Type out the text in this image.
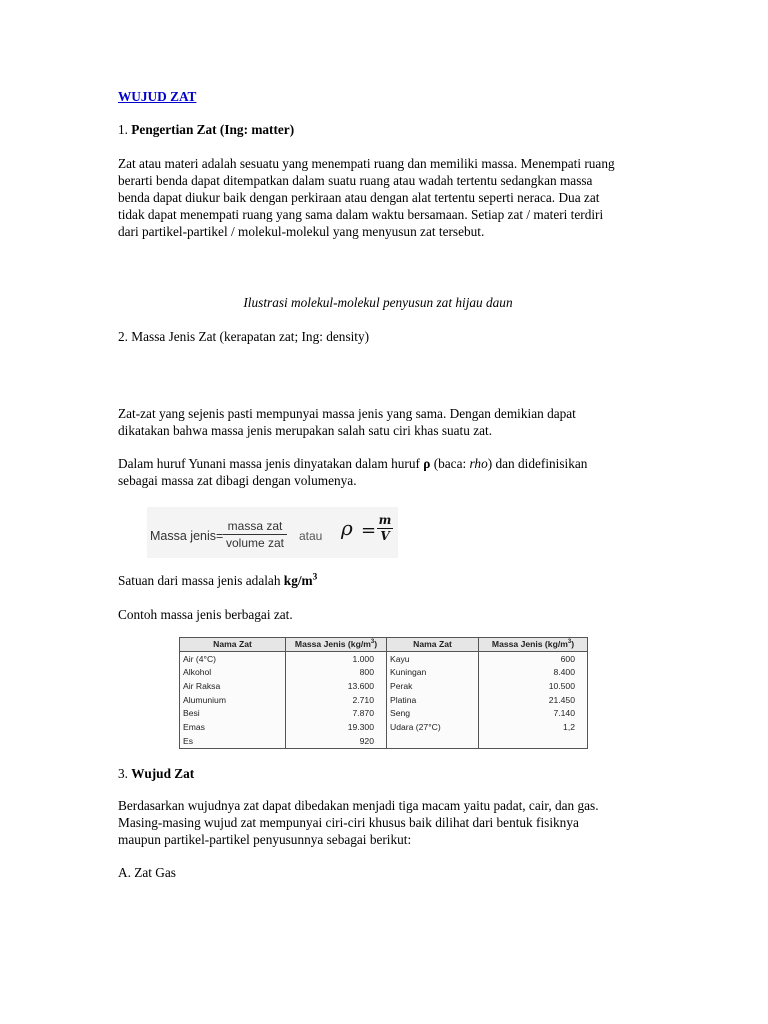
WUJUD ZAT

1. Pengertian Zat (Ing: matter)

Zat atau materi adalah sesuatu yang menempati ruang dan memiliki massa. Menempati ruang
berarti benda dapat ditempatkan dalam suatu ruang atau wadah tertentu sedangkan massa
benda dapat diukur baik dengan perkiraan atau dengan alat tertentu seperti neraca. Dua zat
tidak dapat menempati ruang yang sama dalam waktu bersamaan. Setiap zat / materi terdiri
dari partikel-partikel / molekul-molekul yang menyusun zat tersebut.

Ilustrasi molekul-molekul penyusun zat hijau daun

2. Massa Jenis Zat (kerapatan zat; Ing: density)

Zat-zat yang sejenis pasti mempunyai massa jenis yang sama. Dengan demikian dapat
dikatakan bahwa massa jenis merupakan salah satu ciri khas suatu zat.
Dalam huruf Yunani massa jenis dinyatakan dalam huruf ρ (baca: rho) dan didefinisikan
sebagai massa zat dibagi dengan volumenya.
Massa jenis=
massa zat
volume zat atau ρ = m
V

Satuan dari massa jenis adalah $kg/m^3$

Contoh massa jenis berbagai zat.

Nama Zat	Massa Jenis $(kg/m^3)$	Nama Zat	Massa Jenis $(kg/m^3)$
Air (4°C)	1.000	Kayu	600
Alkohol	800	Kuningan	8.400
Air Raksa	13.600	Perak	10.500
Alumunium	2.710	Platina	21.450
Besi	7.870	Seng	7.140
Emas	19.300	Udara (27°C)	1,2
Es	920		

3. Wujud Zat

Berdasarkan wujudnya zat dapat dibedakan menjadi tiga macam yaitu padat, cair, dan gas.
Masing-masing wujud zat mempunyai ciri-ciri khusus baik dilihat dari bentuk fisiknya
maupun partikel-partikel penyusunnya sebagai berikut:

A. Zat Gas
